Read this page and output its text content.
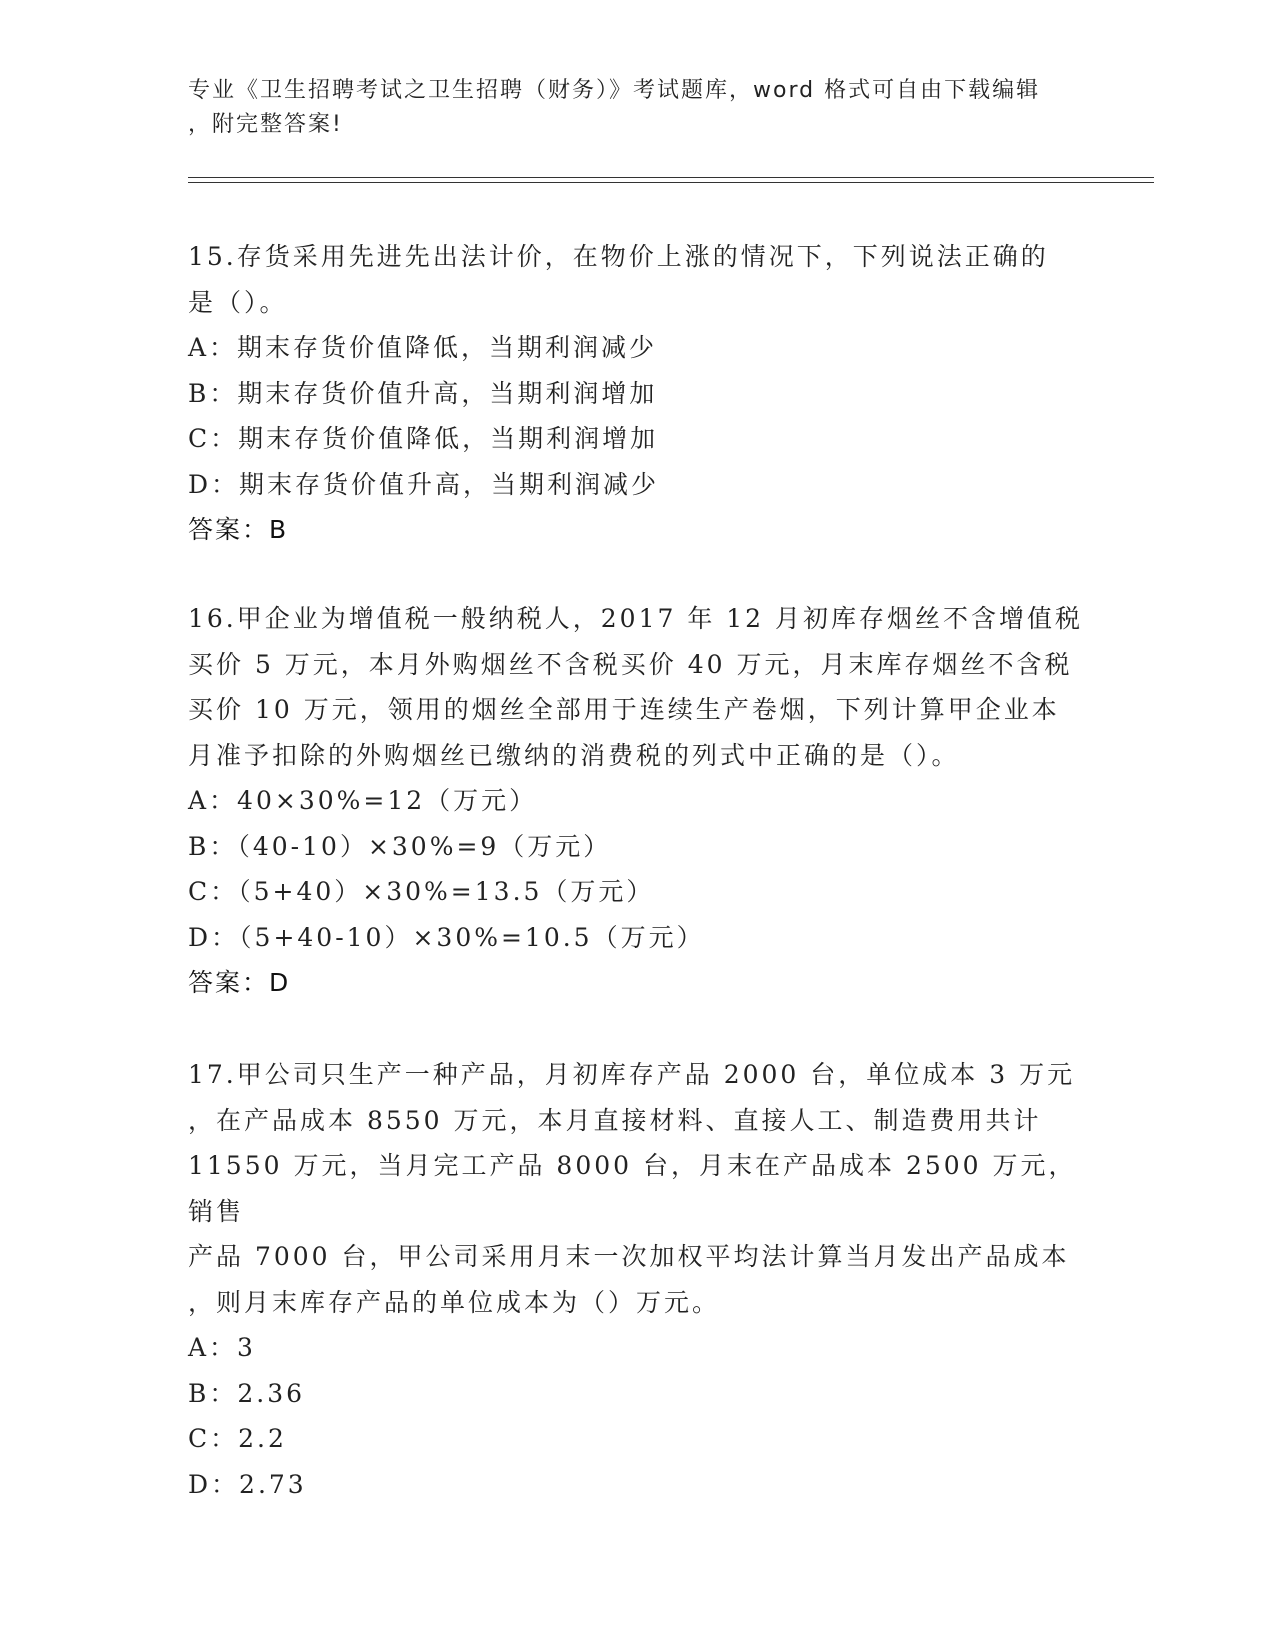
专业《卫生招聘考试之卫生招聘（财务）》考试题库，word 格式可自由下载编辑
，附完整答案!
15.存货采用先进先出法计价，在物价上涨的情况下，下列说法正确的
是（）。
A：期末存货价值降低，当期利润减少
B：期末存货价值升高，当期利润增加
C：期末存货价值降低，当期利润增加
D：期末存货价值升高，当期利润减少
答案：B
16.甲企业为增值税一般纳税人，2017 年 12 月初库存烟丝不含增值税
买价 5 万元，本月外购烟丝不含税买价 40 万元，月末库存烟丝不含税
买价 10 万元，领用的烟丝全部用于连续生产卷烟，下列计算甲企业本
月准予扣除的外购烟丝已缴纳的消费税的列式中正确的是（）。
A：40×30%=12（万元）
B：（40-10）×30%=9（万元）
C：（5+40）×30%=13.5（万元）
D：（5+40-10）×30%=10.5（万元）
答案：D
17.甲公司只生产一种产品，月初库存产品 2000 台，单位成本 3 万元
，在产品成本 8550 万元，本月直接材料、直接人工、制造费用共计
11550 万元，当月完工产品 8000 台，月末在产品成本 2500 万元，销售
产品 7000 台，甲公司采用月末一次加权平均法计算当月发出产品成本
，则月末库存产品的单位成本为（）万元。
A：3
B：2.36
C：2.2
D：2.73
